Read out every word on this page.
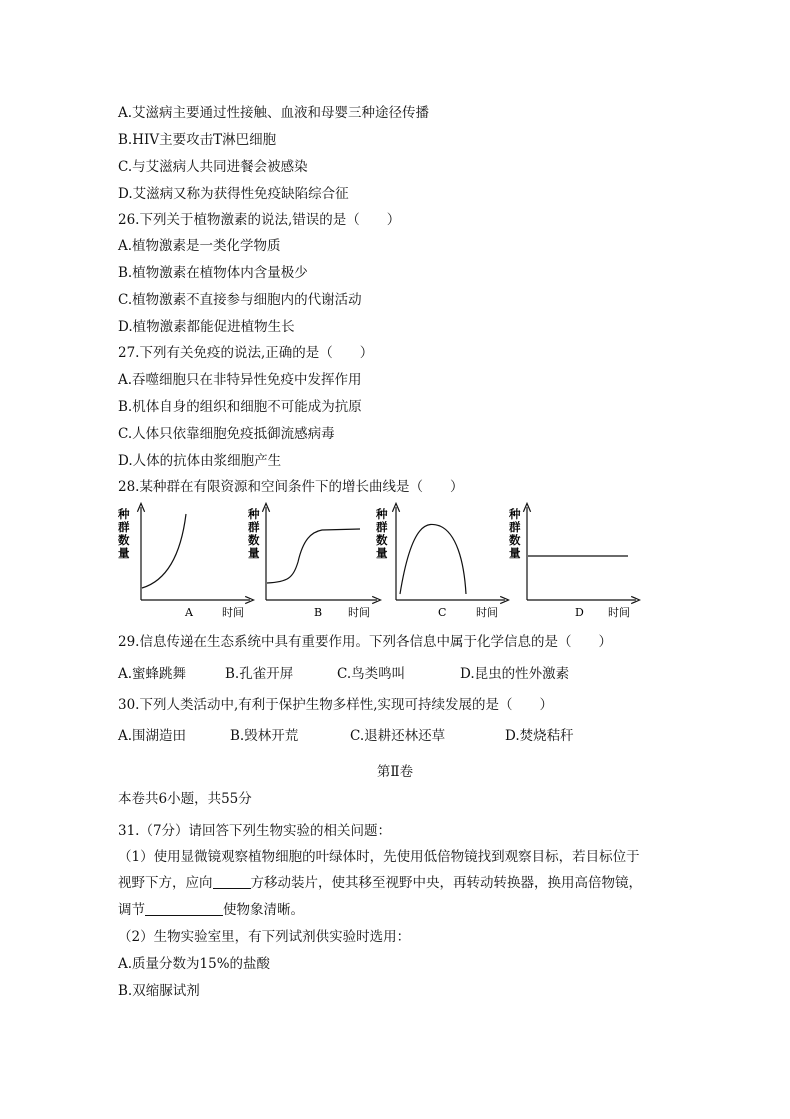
A.艾滋病主要通过性接触、血液和母婴三种途径传播
B.HIV主要攻击T淋巴细胞
C.与艾滋病人共同进餐会被感染
D.艾滋病又称为获得性免疫缺陷综合征
26.下列关于植物激素的说法,错误的是（　　）
A.植物激素是一类化学物质
B.植物激素在植物体内含量极少
C.植物激素不直接参与细胞内的代谢活动
D.植物激素都能促进植物生长
27.下列有关免疫的说法,正确的是（　　）
A.吞噬细胞只在非特异性免疫中发挥作用
B.机体自身的组织和细胞不可能成为抗原
C.人体只依靠细胞免疫抵御流感病毒
D.人体的抗体由浆细胞产生
28.某种群在有限资源和空间条件下的增长曲线是（　　）
种
群
数
量
A	时间
种
群
数
量
B 时间
种
群
数
量
C	时间
种
群
数
量
D 时间
29.信息传递在生态系统中具有重要作用。下列各信息中属于化学信息的是（　　）
A.蜜蜂跳舞	B.孔雀开屏	C.鸟类鸣叫	D.昆虫的性外激素
30.下列人类活动中,有利于保护生物多样性,实现可持续发展的是（　　）
A.围湖造田	B.毁林开荒	C.退耕还林还草	D.焚烧秸秆
第Ⅱ卷
本卷共6小题，共55分
31.（7分）请回答下列生物实验的相关问题：
（1）使用显微镜观察植物细胞的叶绿体时，先使用低倍物镜找到观察目标，若目标位于
视野下方，应向	方移动装片，使其移至视野中央，再转动转换器，换用高倍物镜，
调节	使物象清晰。
（2）生物实验室里，有下列试剂供实验时选用：
A.质量分数为15%的盐酸
B.双缩脲试剂
